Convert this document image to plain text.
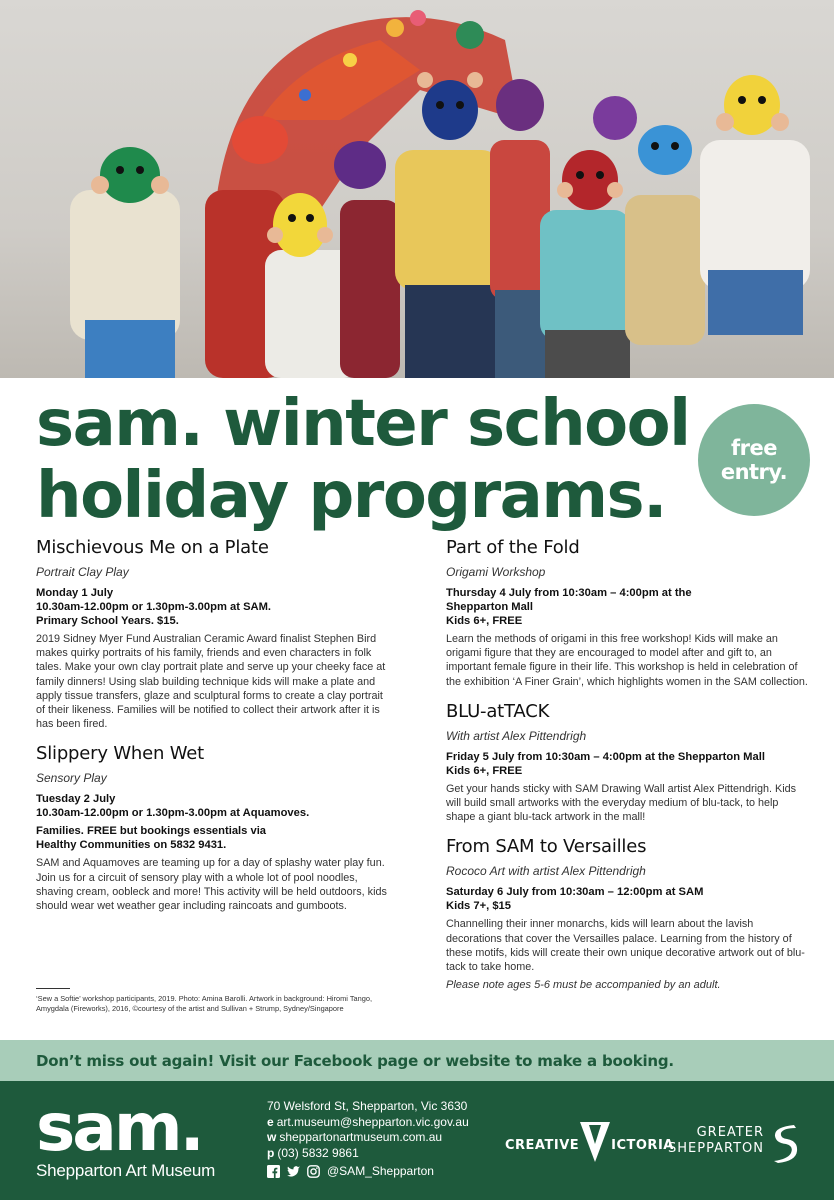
sam. winter school
holiday programs.
free
entry.
Mischievous Me on a Plate
Portrait Clay Play
Monday 1 July
10.30am-12.00pm or 1.30pm-3.00pm at SAM.
Primary School Years. $15.
2019 Sidney Myer Fund Australian Ceramic Award finalist Stephen Bird makes quirky portraits of his family, friends and even characters in folk tales. Make your own clay portrait plate and serve up your cheeky face at family dinners! Using slab building technique kids will make a plate and apply tissue transfers, glaze and sculptural forms to create a clay portrait of their likeness. Families will be notified to collect their artwork after it is has been fired.
Slippery When Wet
Sensory Play
Tuesday 2 July
10.30am-12.00pm or 1.30pm-3.00pm at Aquamoves.
Families. FREE but bookings essentials via
Healthy Communities on 5832 9431.
SAM and Aquamoves are teaming up for a day of splashy water play fun. Join us for a circuit of sensory play with a whole lot of pool noodles, shaving cream, oobleck and more! This activity will be held outdoors, kids should wear wet weather gear including raincoats and gumboots.
‘Sew a Softie’ workshop participants, 2019. Photo: Amina Barolli. Artwork in background: Hiromi Tango, Amygdala (Fireworks), 2016, ©courtesy of the artist and Sullivan + Strump, Sydney/Singapore
Part of the Fold
Origami Workshop
Thursday 4 July from 10:30am – 4:00pm at the
Shepparton Mall
Kids 6+, FREE
Learn the methods of origami in this free workshop! Kids will make an origami figure that they are encouraged to model after and gift to, an important female figure in their life. This workshop is held in celebration of the exhibition ‘A Finer Grain’, which highlights women in the SAM collection.
BLU-atTACK
With artist Alex Pittendrigh
Friday 5 July from 10:30am – 4:00pm at the Shepparton Mall
Kids 6+, FREE
Get your hands sticky with SAM Drawing Wall artist Alex Pittendrigh. Kids will build small artworks with the everyday medium of blu-tack, to help shape a giant blu-tack artwork in the mall!
From SAM to Versailles
Rococo Art with artist Alex Pittendrigh
Saturday 6 July from 10:30am – 12:00pm at SAM
Kids 7+, $15
Channelling their inner monarchs, kids will learn about the lavish decorations that cover the Versailles palace. Learning from the history of these motifs, kids will create their own unique decorative artwork out of blu-tack to take home.
Please note ages 5-6 must be accompanied by an adult.
Don’t miss out again! Visit our Facebook page or website to make a booking.
sam.
Shepparton Art Museum
70 Welsford St, Shepparton, Vic 3630
e art.museum@shepparton.vic.gov.au
w sheppartonartmuseum.com.au
p (03) 5832 9861
@SAM_Shepparton
CREATIVE ICTORIA
GREATER
SHEPPARTON
